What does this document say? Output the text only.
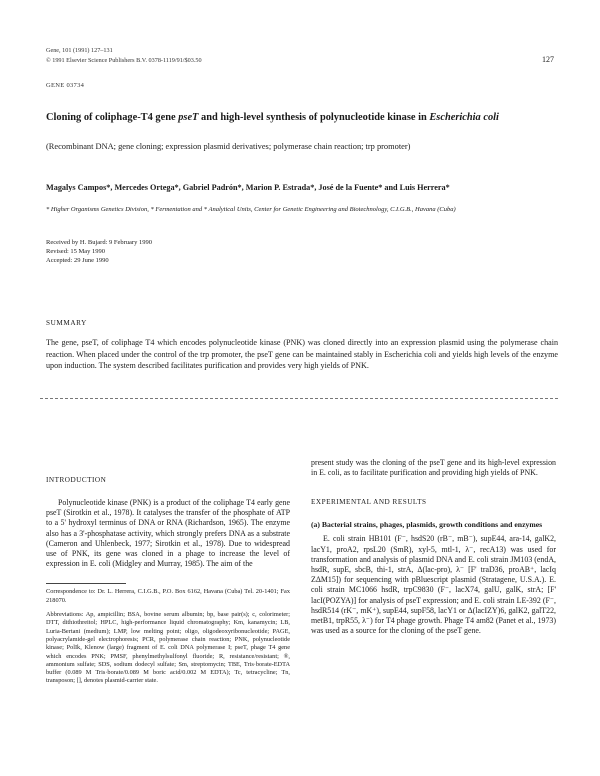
Gene, 101 (1991) 127–131
© 1991 Elsevier Science Publishers B.V. 0378-1119/91/$03.50	127
GENE 03734
Cloning of coliphage-T4 gene pseT and high-level synthesis of polynucleotide kinase in Escherichia coli
(Recombinant DNA; gene cloning; expression plasmid derivatives; polymerase chain reaction; trp promoter)
Magalys Campos*, Mercedes Ortega*, Gabriel Padrón*, Marion P. Estrada*, José de la Fuente* and Luis Herrera*
* Higher Organisms Genetics Division, * Fermentation and * Analytical Units, Center for Genetic Engineering and Biotechnology, C.I.G.B., Havana (Cuba)
Received by H. Bujard: 9 February 1990
Revised: 15 May 1990
Accepted: 29 June 1990
SUMMARY
The gene, pseT, of coliphage T4 which encodes polynucleotide kinase (PNK) was cloned directly into an expression plasmid using the polymerase chain reaction. When placed under the control of the trp promoter, the pseT gene can be maintained stably in Escherichia coli and yields high levels of the enzyme upon induction. The system described facilitates purification and provides very high yields of PNK.
INTRODUCTION

Polynucleotide kinase (PNK) is a product of the coliphage T4 early gene pseT (Sirotkin et al., 1978). It catalyses the transfer of the phosphate of ATP to a 5' hydroxyl terminus of DNA or RNA (Richardson, 1965). The enzyme also has a 3'-phosphatase activity, which strongly prefers DNA as a substrate (Cameron and Uhlenbeck, 1977; Sirotkin et al., 1978). Due to widespread use of PNK, its gene was cloned in a phage to increase the level of expression in E. coli (Midgley and Murray, 1985). The aim of the

Correspondence to: Dr. L. Herrera, C.I.G.B., P.O. Box 6162, Havana (Cuba) Tel. 20-1401; Fax 218070.

Abbreviations: Ap, ampicillin; BSA, bovine serum albumin; bp, base pair(s); c, colorimeter; DTT, dithiothreitol; HPLC, high-performance liquid chromatography; Km, kanamycin; LB, Luria-Bertani (medium); LMP, low melting point; oligo, oligodeoxyribonucleotide; PAGE, polyacrylamide-gel electrophoresis; PCR, polymerase chain reaction; PNK, polynucleotide kinase; PolIk, Klenow (large) fragment of E. coli DNA polymerase I; pseT, phage T4 gene which encodes PNK; PMSF, phenylmethylsulfonyl fluoride; R, resistance/resistant; ®, ammonium sulfate; SDS, sodium dodecyl sulfate; Sm, streptomycin; TBE, Tris·borate-EDTA buffer (0.089 M Tris·borate/0.089 M boric acid/0.002 M EDTA); Tc, tetracycline; Tn, transposon; [], denotes plasmid-carrier state.

present study was the cloning of the pseT gene and its high-level expression in E. coli, as to facilitate purification and providing high yields of PNK.

EXPERIMENTAL AND RESULTS

(a) Bacterial strains, phages, plasmids, growth conditions and enzymes

E. coli strain HB101 (F⁻, hsdS20 (rB⁻, mB⁻), supE44, ara-14, galK2, lacY1, proA2, rpsL20 (SmR), xyl-5, mtl-1, λ⁻, recA13) was used for transformation and analysis of plasmid DNA and E. coli strain JM103 (endA, hsdR, supE, sbcB, thi-1, strA, Δ(lac-pro), λ⁻ [F' traD36, proAB⁺, lacIq ZΔM15]) for sequencing with pBluescript plasmid (Stratagene, U.S.A.). E. coli strain MC1066 hsdR, trpC9830 (F⁻, lacX74, galU, galK, strA; [F' lacI(POZYA)] for analysis of pseT expression; and E. coli strain LE-392 (F⁻, hsdR514 (rK⁻, mK⁺), supE44, supF58, lacY1 or Δ(lacIZY)6, galK2, galT22, metB1, trpR55, λ⁻) for T4 phage growth. Phage T4 am82 (Panet et al., 1973) was used as a source for the cloning of the pseT gene.
